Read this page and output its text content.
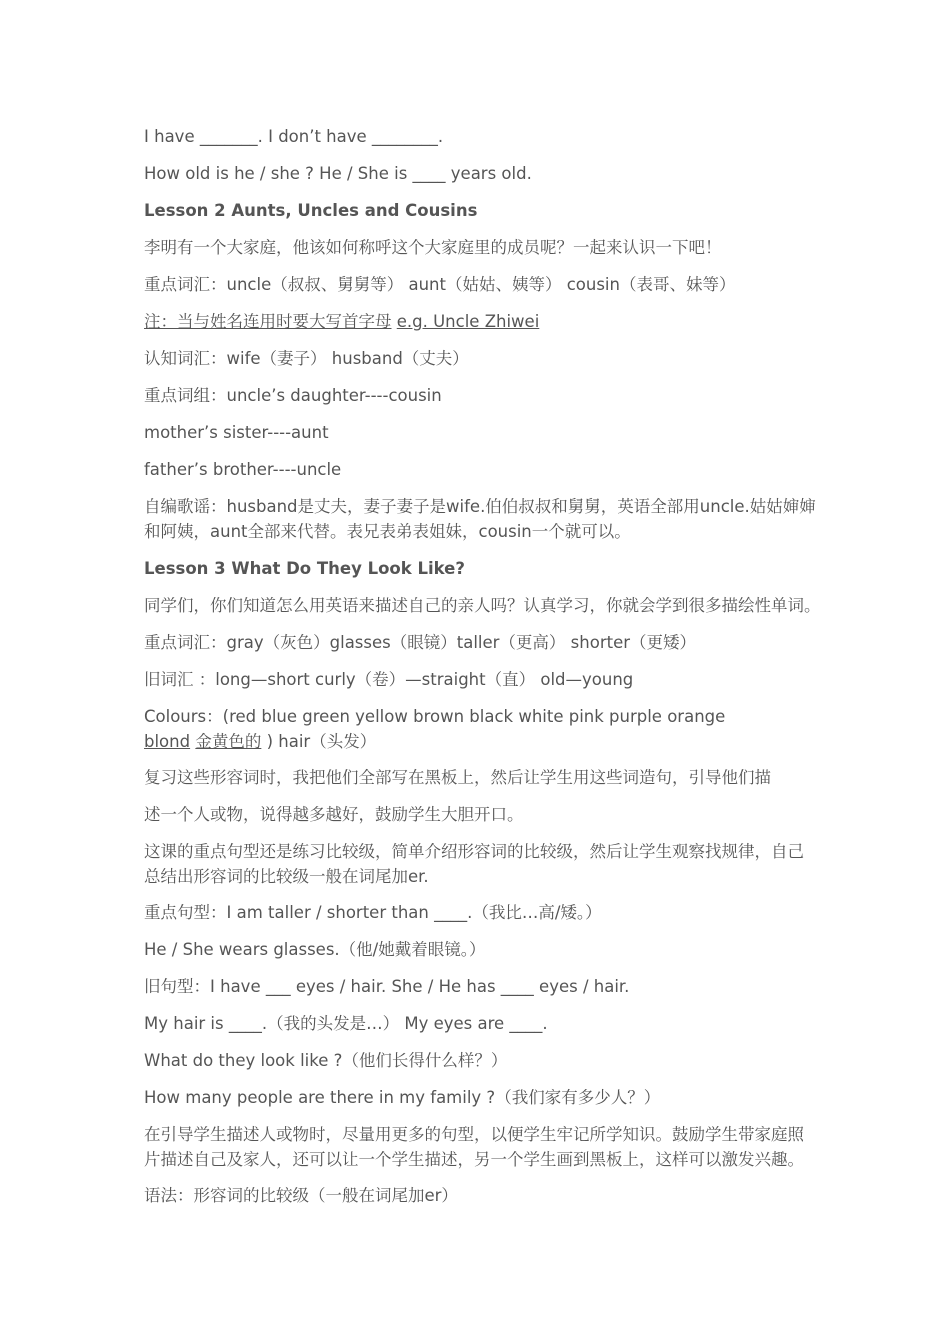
I have _______. I don’t have ________.
How old is he / she ? He / She is ____ years old.
Lesson 2 Aunts, Uncles and Cousins
李明有一个大家庭，他该如何称呼这个大家庭里的成员呢？一起来认识一下吧！
重点词汇：uncle（叔叔、舅舅等） aunt（姑姑、姨等） cousin（表哥、妹等）
注：当与姓名连用时要大写首字母 e.g. Uncle Zhiwei
认知词汇：wife（妻子） husband（丈夫）
重点词组：uncle’s daughter----cousin
mother’s sister----aunt
father’s brother----uncle
自编歌谣：husband是丈夫，妻子妻子是wife.伯伯叔叔和舅舅，英语全部用uncle.姑姑婶婶和阿姨，aunt全部来代替。表兄表弟表姐妹，cousin一个就可以。
Lesson 3 What Do They Look Like?
同学们，你们知道怎么用英语来描述自己的亲人吗？认真学习，你就会学到很多描绘性单词。
重点词汇：gray（灰色）glasses（眼镜）taller（更高） shorter（更矮）
旧词汇 ：long—short curly（卷）—straight（直） old—young
Colours：(red blue green yellow brown black white pink purple orange
blond 金黄色的 ) hair（头发）
复习这些形容词时，我把他们全部写在黑板上，然后让学生用这些词造句，引导他们描
述一个人或物，说得越多越好，鼓励学生大胆开口。
这课的重点句型还是练习比较级，简单介绍形容词的比较级，然后让学生观察找规律，自己总结出形容词的比较级一般在词尾加er.
重点句型：I am taller / shorter than ____.（我比…高/矮。）
He / She wears glasses.（他/她戴着眼镜。）
旧句型：I have ___ eyes / hair. She / He has ____ eyes / hair.
My hair is ____.（我的头发是…） My eyes are ____.
What do they look like ?（他们长得什么样？）
How many people are there in my family ?（我们家有多少人？）
在引导学生描述人或物时，尽量用更多的句型，以便学生牢记所学知识。鼓励学生带家庭照片描述自己及家人，还可以让一个学生描述，另一个学生画到黑板上，这样可以激发兴趣。
语法：形容词的比较级（一般在词尾加er）
